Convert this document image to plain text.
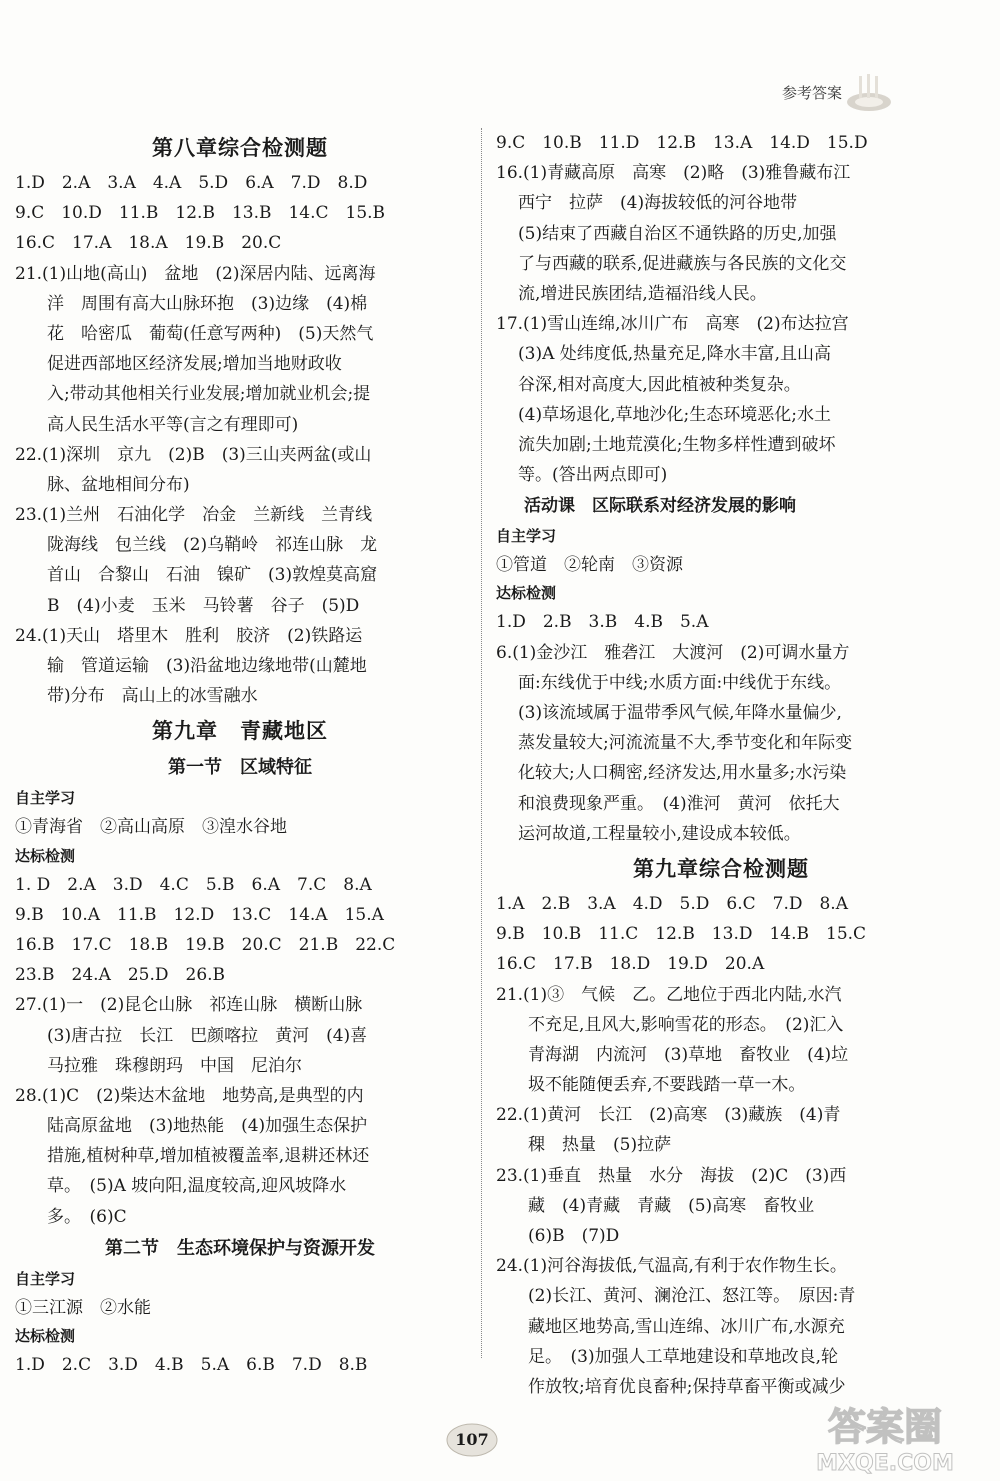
参考答案
第八章综合检测题
1.D　2.A　3.A　4.A　5.D　6.A　7.D　8.D
9.C　10.D　11.B　12.B　13.B　14.C　15.B
16.C　17.A　18.A　19.B　20.C
21.(1)山地(高山)　盆地　(2)深居内陆、远离海
洋　周围有高大山脉环抱　(3)边缘　(4)棉
花　哈密瓜　葡萄(任意写两种)　(5)天然气
促进西部地区经济发展;增加当地财政收
入;带动其他相关行业发展;增加就业机会;提
高人民生活水平等(言之有理即可)
22.(1)深圳　京九　(2)B　(3)三山夹两盆(或山
脉、盆地相间分布)
23.(1)兰州　石油化学　冶金　兰新线　兰青线
陇海线　包兰线　(2)乌鞘岭　祁连山脉　龙
首山　合黎山　石油　镍矿　(3)敦煌莫高窟
B　(4)小麦　玉米　马铃薯　谷子　(5)D
24.(1)天山　塔里木　胜利　胶济　(2)铁路运
输　管道运输　(3)沿盆地边缘地带(山麓地
带)分布　高山上的冰雪融水
第九章　青藏地区
第一节　区域特征
自主学习
①青海省　②高山高原　③湟水谷地
达标检测
1. D　2.A　3.D　4.C　5.B　6.A　7.C　8.A
9.B　10.A　11.B　12.D　13.C　14.A　15.A
16.B　17.C　18.B　19.B　20.C　21.B　22.C
23.B　24.A　25.D　26.B
27.(1)一　(2)昆仑山脉　祁连山脉　横断山脉
(3)唐古拉　长江　巴颜喀拉　黄河　(4)喜
马拉雅　珠穆朗玛　中国　尼泊尔
28.(1)C　(2)柴达木盆地　地势高,是典型的内
陆高原盆地　(3)地热能　(4)加强生态保护
措施,植树种草,增加植被覆盖率,退耕还林还
草。　(5)A 坡向阳,温度较高,迎风坡降水
多。　(6)C
第二节　生态环境保护与资源开发
自主学习
①三江源　②水能
达标检测
1.D　2.C　3.D　4.B　5.A　6.B　7.D　8.B
9.C　10.B　11.D　12.B　13.A　14.D　15.D
16.(1)青藏高原　高寒　(2)略　(3)雅鲁藏布江
西宁　拉萨　(4)海拔较低的河谷地带
(5)结束了西藏自治区不通铁路的历史,加强
了与西藏的联系,促进藏族与各民族的文化交
流,增进民族团结,造福沿线人民。
17.(1)雪山连绵,冰川广布　高寒　(2)布达拉宫
(3)A 处纬度低,热量充足,降水丰富,且山高
谷深,相对高度大,因此植被种类复杂。
(4)草场退化,草地沙化;生态环境恶化;水土
流失加剧;土地荒漠化;生物多样性遭到破坏
等。(答出两点即可)
活动课　区际联系对经济发展的影响
自主学习
①管道　②轮南　③资源
达标检测
1.D　2.B　3.B　4.B　5.A
6.(1)金沙江　雅砻江　大渡河　(2)可调水量方
面:东线优于中线;水质方面:中线优于东线。
(3)该流域属于温带季风气候,年降水量偏少,
蒸发量较大;河流流量不大,季节变化和年际变
化较大;人口稠密,经济发达,用水量多;水污染
和浪费现象严重。　(4)淮河　黄河　依托大
运河故道,工程量较小,建设成本较低。
第九章综合检测题
1.A　2.B　3.A　4.D　5.D　6.C　7.D　8.A
9.B　10.B　11.C　12.B　13.D　14.B　15.C
16.C　17.B　18.D　19.D　20.A
21.(1)③　气候　乙。乙地位于西北内陆,水汽
不充足,且风大,影响雪花的形态。　(2)汇入
青海湖　内流河　(3)草地　畜牧业　(4)垃
圾不能随便丢弃,不要践踏一草一木。
22.(1)黄河　长江　(2)高寒　(3)藏族　(4)青
稞　热量　(5)拉萨
23.(1)垂直　热量　水分　海拔　(2)C　(3)西
藏　(4)青藏　青藏　(5)高寒　畜牧业
(6)B　(7)D
24.(1)河谷海拔低,气温高,有利于农作物生长。
(2)长江、黄河、澜沧江、怒江等。　原因:青
藏地区地势高,雪山连绵、冰川广布,水源充
足。　(3)加强人工草地建设和草地改良,轮
作放牧;培育优良畜种;保持草畜平衡或减少
107	答案圈
MXQE.COM
